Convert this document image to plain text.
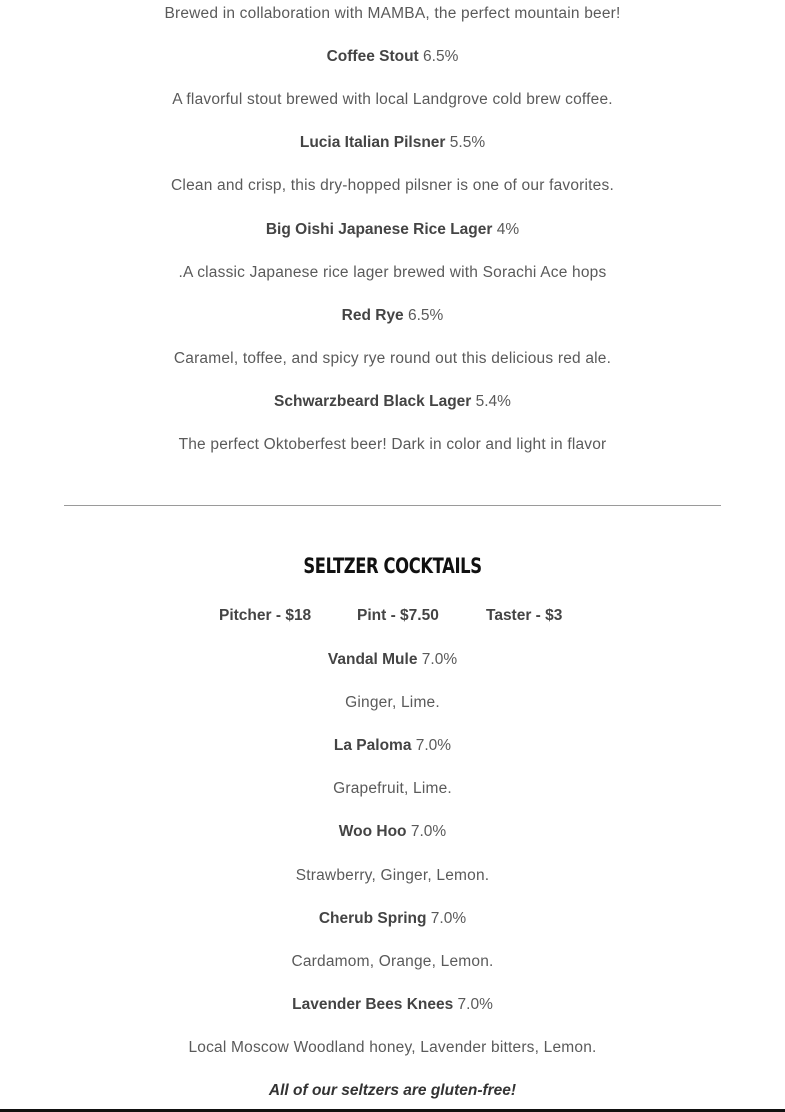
Brewed in collaboration with MAMBA, the perfect mountain beer!
Coffee Stout 6.5%
A flavorful stout brewed with local Landgrove cold brew coffee.
Lucia Italian Pilsner 5.5%
Clean and crisp, this dry-hopped pilsner is one of our favorites.
Big Oishi Japanese Rice Lager 4%
.A classic Japanese rice lager brewed with Sorachi Ace hops
Red Rye 6.5%
Caramel, toffee, and spicy rye round out this delicious red ale.
Schwarzbeard Black Lager 5.4%
The perfect Oktoberfest beer! Dark in color and light in flavor
SELTZER COCKTAILS
Pitcher - $18	Pint - $7.50	Taster - $3
Vandal Mule 7.0%
Ginger, Lime.
La Paloma 7.0%
Grapefruit, Lime.
Woo Hoo 7.0%
Strawberry, Ginger, Lemon.
Cherub Spring 7.0%
Cardamom, Orange, Lemon.
Lavender Bees Knees 7.0%
Local Moscow Woodland honey, Lavender bitters, Lemon.
All of our seltzers are gluten-free!
